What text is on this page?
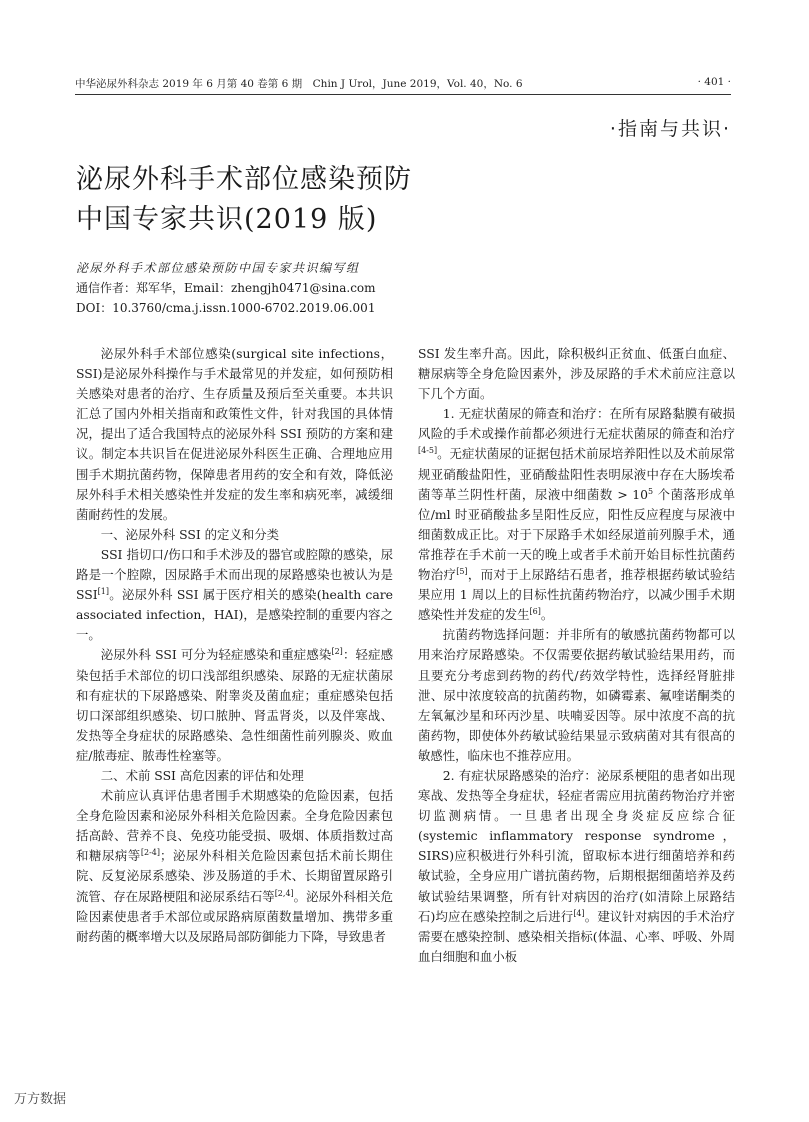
中华泌尿外科杂志 2019 年 6 月第 40 卷第 6 期　Chin J Urol，June 2019，Vol. 40，No. 6	· 401 ·
·指南与共识·
泌尿外科手术部位感染预防
中国专家共识(2019 版)
泌尿外科手术部位感染预防中国专家共识编写组
通信作者：郑军华，Email：zhengjh0471@sina.com
DOI：10.3760/cma.j.issn.1000-6702.2019.06.001

泌尿外科手术部位感染(surgical site infections，SSI)是泌尿外科操作与手术最常见的并发症，如何预防相关感染对患者的治疗、生存质量及预后至关重要。本共识汇总了国内外相关指南和政策性文件，针对我国的具体情况，提出了适合我国特点的泌尿外科 SSI 预防的方案和建议。制定本共识旨在促进泌尿外科医生正确、合理地应用围手术期抗菌药物，保障患者用药的安全和有效，降低泌尿外科手术相关感染性并发症的发生率和病死率，减缓细菌耐药性的发展。

一、泌尿外科 SSI 的定义和分类

SSI 指切口/伤口和手术涉及的器官或腔隙的感染，尿路是一个腔隙，因尿路手术而出现的尿路感染也被认为是 SSI[1]。泌尿外科 SSI 属于医疗相关的感染(health care associated infection，HAI)，是感染控制的重要内容之一。

泌尿外科 SSI 可分为轻症感染和重症感染[2]：轻症感染包括手术部位的切口浅部组织感染、尿路的无症状菌尿和有症状的下尿路感染、附睾炎及菌血症；重症感染包括切口深部组织感染、切口脓肿、肾盂肾炎，以及伴寒战、发热等全身症状的尿路感染、急性细菌性前列腺炎、败血症/脓毒症、脓毒性栓塞等。

二、术前 SSI 高危因素的评估和处理

术前应认真评估患者围手术期感染的危险因素，包括全身危险因素和泌尿外科相关危险因素。全身危险因素包括高龄、营养不良、免疫功能受损、吸烟、体质指数过高和糖尿病等[2-4]；泌尿外科相关危险因素包括术前长期住院、反复泌尿系感染、涉及肠道的手术、长期留置尿路引流管、存在尿路梗阻和泌尿系结石等[2,4]。泌尿外科相关危险因素使患者手术部位或尿路病原菌数量增加、携带多重耐药菌的概率增大以及尿路局部防御能力下降，导致患者

SSI 发生率升高。因此，除积极纠正贫血、低蛋白血症、糖尿病等全身危险因素外，涉及尿路的手术术前应注意以下几个方面。

1. 无症状菌尿的筛查和治疗：在所有尿路黏膜有破损风险的手术或操作前都必须进行无症状菌尿的筛查和治疗[4-5]。无症状菌尿的证据包括术前尿培养阳性以及术前尿常规亚硝酸盐阳性，亚硝酸盐阳性表明尿液中存在大肠埃希菌等革兰阴性杆菌，尿液中细菌数 > $10^5$ 个菌落形成单位/ml 时亚硝酸盐多呈阳性反应，阳性反应程度与尿液中细菌数成正比。对于下尿路手术如经尿道前列腺手术，通常推荐在手术前一天的晚上或者手术前开始目标性抗菌药物治疗[5]，而对于上尿路结石患者，推荐根据药敏试验结果应用 1 周以上的目标性抗菌药物治疗，以减少围手术期感染性并发症的发生[6]。

抗菌药物选择问题：并非所有的敏感抗菌药物都可以用来治疗尿路感染。不仅需要依据药敏试验结果用药，而且要充分考虑到药物的药代/药效学特性，选择经肾脏排泄、尿中浓度较高的抗菌药物，如磷霉素、氟喹诺酮类的左氧氟沙星和环丙沙星、呋喃妥因等。尿中浓度不高的抗菌药物，即使体外药敏试验结果显示致病菌对其有很高的敏感性，临床也不推荐应用。

2. 有症状尿路感染的治疗：泌尿系梗阻的患者如出现寒战、发热等全身症状，轻症者需应用抗菌药物治疗并密切监测病情。一旦患者出现全身炎症反应综合征(systemic inflammatory response syndrome，SIRS)应积极进行外科引流，留取标本进行细菌培养和药敏试验，全身应用广谱抗菌药物，后期根据细菌培养及药敏试验结果调整，所有针对病因的治疗(如清除上尿路结石)均应在感染控制之后进行[4]。建议针对病因的手术治疗需要在感染控制、感染相关指标(体温、心率、呼吸、外周血白细胞和血小板

万方数据
